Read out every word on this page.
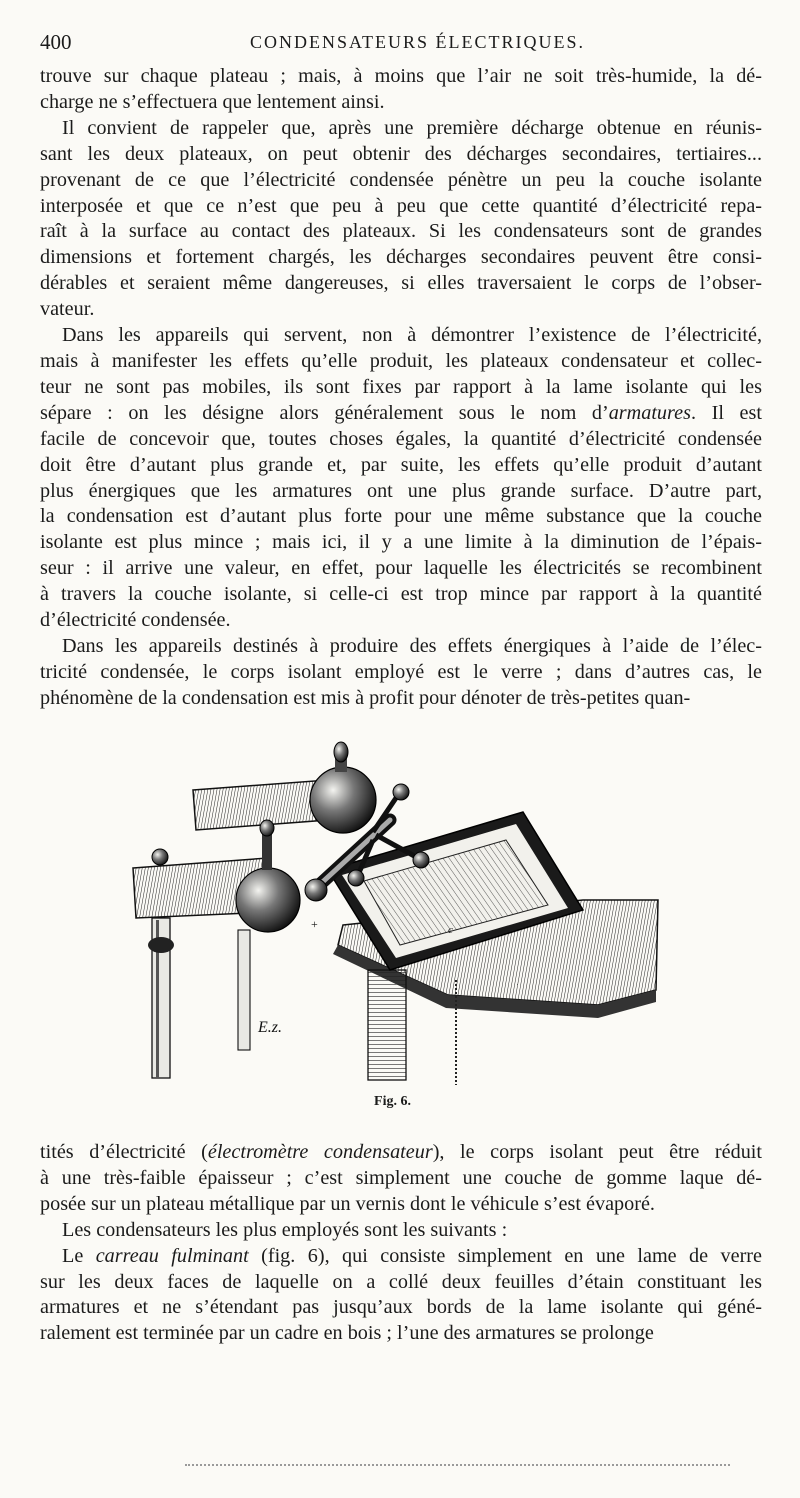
400	CONDENSATEURS ÉLECTRIQUES.

trouve sur chaque plateau ; mais, à moins que l’air ne soit très-humide, la dé-
charge ne s’effectuera que lentement ainsi.

Il convient de rappeler que, après une première décharge obtenue en réunis-
sant les deux plateaux, on peut obtenir des décharges secondaires, tertiaires...
provenant de ce que l’électricité condensée pénètre un peu la couche isolante
interposée et que ce n’est que peu à peu que cette quantité d’électricité repa-
raît à la surface au contact des plateaux. Si les condensateurs sont de grandes
dimensions et fortement chargés, les décharges secondaires peuvent être consi-
dérables et seraient même dangereuses, si elles traversaient le corps de l’obser-
vateur.

Dans les appareils qui servent, non à démontrer l’existence de l’électricité,
mais à manifester les effets qu’elle produit, les plateaux condensateur et collec-
teur ne sont pas mobiles, ils sont fixes par rapport à la lame isolante qui les
sépare : on les désigne alors généralement sous le nom d’armatures. Il est
facile de concevoir que, toutes choses égales, la quantité d’électricité condensée
doit être d’autant plus grande et, par suite, les effets qu’elle produit d’autant
plus énergiques que les armatures ont une plus grande surface. D’autre part,
la condensation est d’autant plus forte pour une même substance que la couche
isolante est plus mince ; mais ici, il y a une limite à la diminution de l’épais-
seur : il arrive une valeur, en effet, pour laquelle les électricités se recombinent
à travers la couche isolante, si celle-ci est trop mince par rapport à la quantité
d’électricité condensée.

Dans les appareils destinés à produire des effets énergiques à l’aide de l’élec-
tricité condensée, le corps isolant employé est le verre ; dans d’autres cas, le
phénomène de la condensation est mis à profit pour dénoter de très-petites quan-

c
+
E.z.
Fig. 6.

tités d’électricité (électromètre condensateur), le corps isolant peut être réduit
à une très-faible épaisseur ; c’est simplement une couche de gomme laque dé-
posée sur un plateau métallique par un vernis dont le véhicule s’est évaporé.

Les condensateurs les plus employés sont les suivants :

Le carreau fulminant (fig. 6), qui consiste simplement en une lame de verre
sur les deux faces de laquelle on a collé deux feuilles d’étain constituant les
armatures et ne s’étendant pas jusqu’aux bords de la lame isolante qui géné-
ralement est terminée par un cadre en bois ; l’une des armatures se prolonge
